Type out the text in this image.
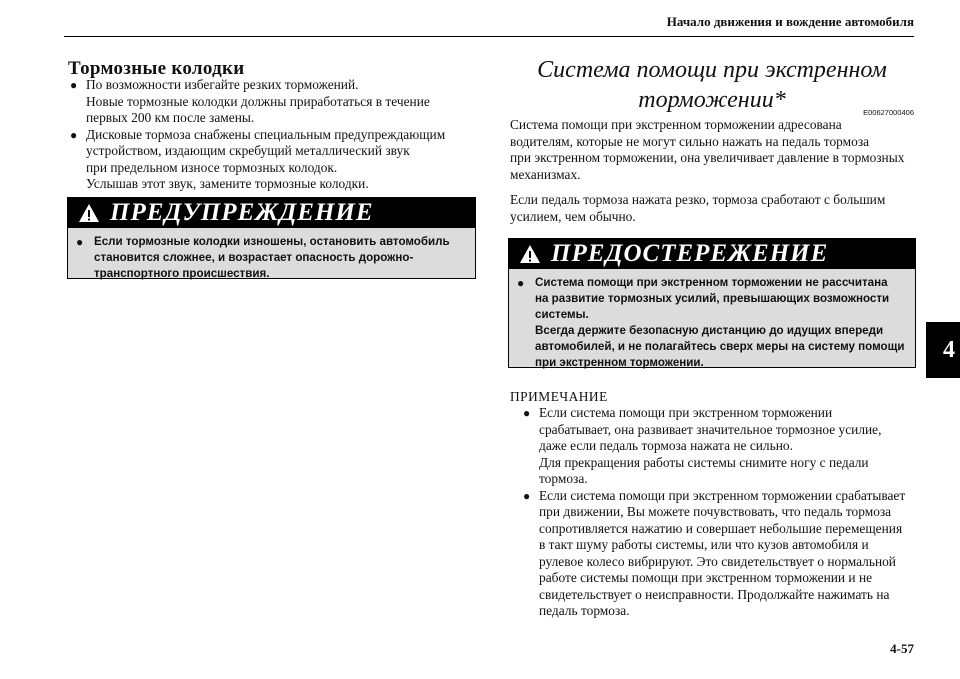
Начало движения и вождение автомобиля
Тормозные колодки
● По возможности избегайте резких торможений.
Новые тормозные колодки должны приработаться в течение
первых 200 км после замены.
● Дисковые тормоза снабжены специальным предупреждающим
устройством, издающим скребущий металлический звук
при предельном износе тормозных колодок.
Услышав этот звук, замените тормозные колодки.
ПРЕДУПРЕЖДЕНИЕ
● Если тормозные колодки изношены, остановить автомобиль
становится сложнее, и возрастает опасность дорожно-
транспортного происшествия.
Система помощи при экстренном
торможении*	E00627000406
Система помощи при экстренном торможении адресована
водителям, которые не могут сильно нажать на педаль тормоза
при экстренном торможении, она увеличивает давление в тормозных
механизмах.
Если педаль тормоза нажата резко, тормоза сработают с большим
усилием, чем обычно.
ПРЕДОСТЕРЕЖЕНИЕ
● Система помощи при экстренном торможении не рассчитана
на развитие тормозных усилий, превышающих возможности
системы.
Всегда держите безопасную дистанцию до идущих впереди
автомобилей, и не полагайтесь сверх меры на систему помощи
при экстренном торможении.
ПРИМЕЧАНИЕ
● Если система помощи при экстренном торможении
срабатывает, она развивает значительное тормозное усилие,
даже если педаль тормоза нажата не сильно.
Для прекращения работы системы снимите ногу с педали
тормоза.
● Если система помощи при экстренном торможении срабатывает
при движении, Вы можете почувствовать, что педаль тормоза
сопротивляется нажатию и совершает небольшие перемещения
в такт шуму работы системы, или что кузов автомобиля и
рулевое колесо вибрируют. Это свидетельствует о нормальной
работе системы помощи при экстренном торможении и не
свидетельствует о неисправности. Продолжайте нажимать на
педаль тормоза.
4
4-57
